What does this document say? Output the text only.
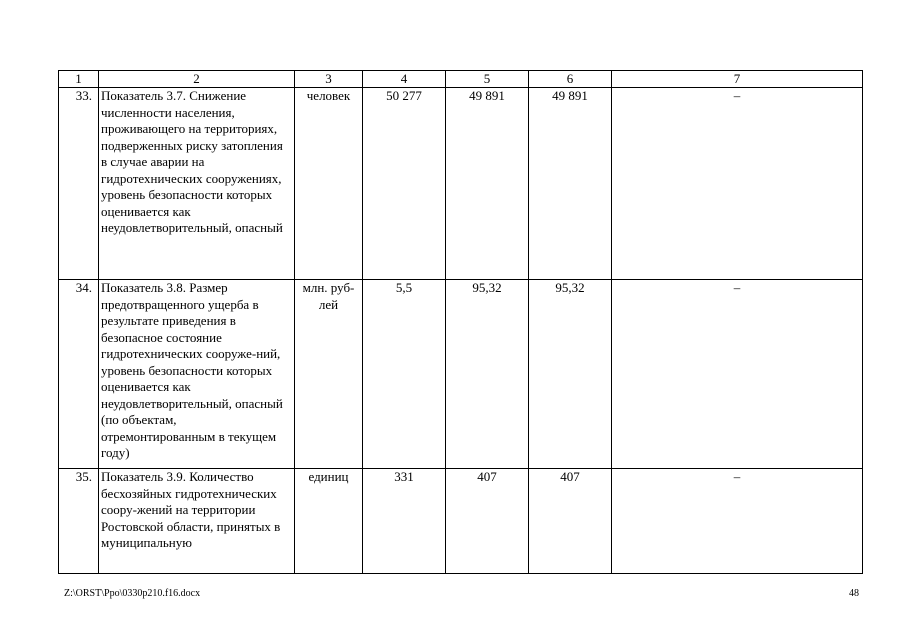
1	2	3	4	5	6	7
33.	Показатель 3.7. Снижение численности населения, проживающего на территориях, подверженных риску затопления в случае аварии на гидротехнических сооружениях, уровень безопасности которых оценивается как неудовлетворительный, опасный	человек	50 277	49 891	49 891	–
34.	Показатель 3.8. Размер предотвращенного ущерба в результате приведения в безопасное состояние гидротехнических сооруже-ний, уровень безопасности которых оценивается как неудовлетворительный, опасный (по объектам, отремонтированным в текущем году)	млн. руб-лей	5,5	95,32	95,32	–
35.	Показатель 3.9. Количество бесхозяйных гидротехнических соору-жений на территории Ростовской области, принятых в муниципальную	единиц	331	407	407	–
Z:\ORST\Ppo\0330p210.f16.docx	48
